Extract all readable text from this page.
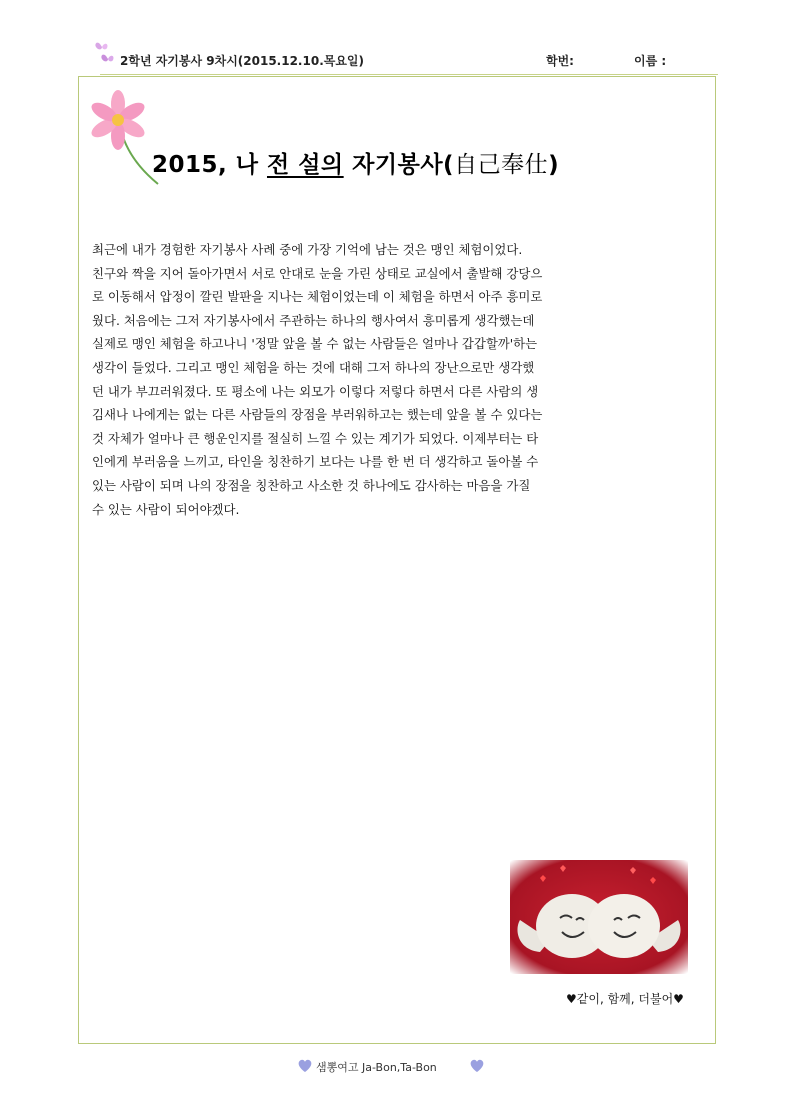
2학년 자기봉사 9차시(2015.12.10.목요일)	학번:	이름 :
2015, 나 전 설의 자기봉사(自己奉仕)

최근에 내가 경험한 자기봉사 사례 중에 가장 기억에 남는 것은 맹인 체험이었다.

친구와 짝을 지어 돌아가면서 서로 안대로 눈을 가린 상태로 교실에서 출발해 강당으

로 이동해서 압정이 깔린 발판을 지나는 체험이었는데 이 체험을 하면서 아주 흥미로

웠다. 처음에는 그저 자기봉사에서 주관하는 하나의 행사여서 흥미롭게 생각했는데

실제로 맹인 체험을 하고나니 '정말 앞을 볼 수 없는 사람들은 얼마나 갑갑할까'하는

생각이 들었다. 그리고 맹인 체험을 하는 것에 대해 그저 하나의 장난으로만 생각했

던 내가 부끄러워졌다. 또 평소에 나는 외모가 이렇다 저렇다 하면서 다른 사람의 생

김새나 나에게는 없는 다른 사람들의 장점을 부러워하고는 했는데 앞을 볼 수 있다는

것 자체가 얼마나 큰 행운인지를 절실히 느낄 수 있는 계기가 되었다. 이제부터는 타

인에게 부러움을 느끼고, 타인을 칭찬하기 보다는 나를 한 번 더 생각하고 돌아볼 수

있는 사람이 되며 나의 장점을 칭찬하고 사소한 것 하나에도 감사하는 마음을 가질

수 있는 사람이 되어야겠다.

♥같이, 함께, 더불어♥
샘뽕여고 Ja-Bon,Ta-Bon
